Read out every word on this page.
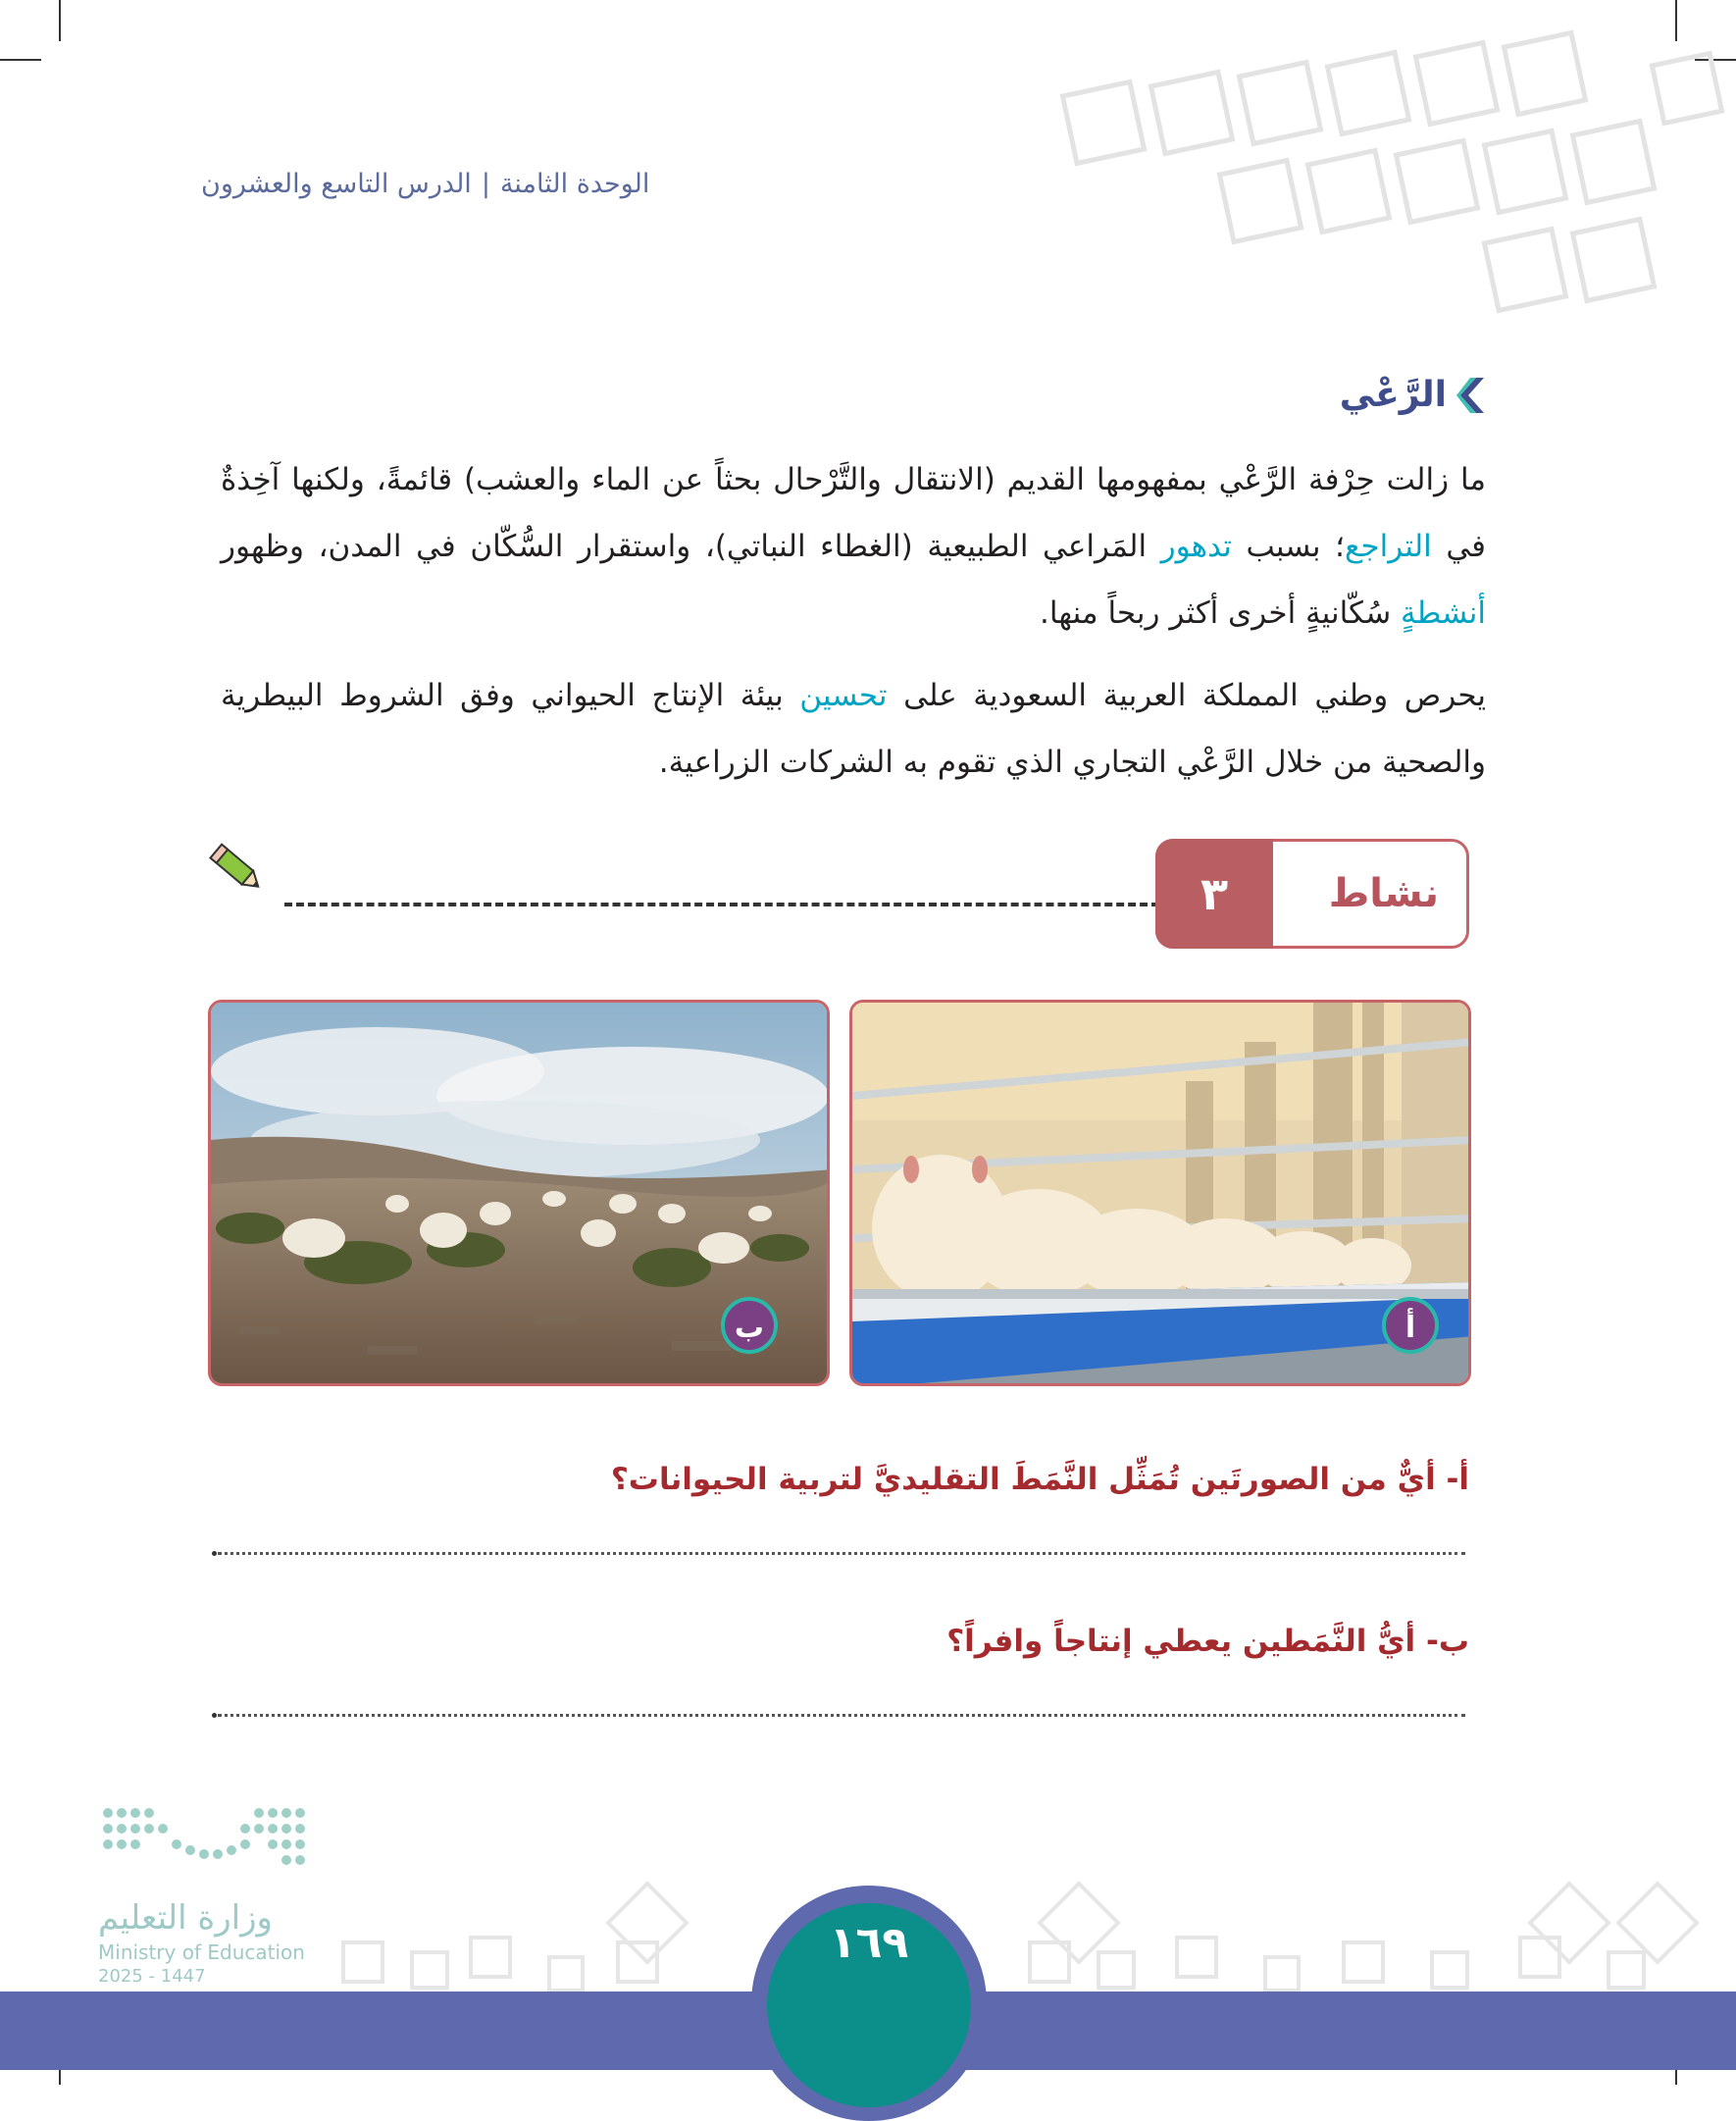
الوحدة الثامنة|الدرس التاسع والعشرون
الرَّعْي
ما زالت حِرْفة الرَّعْي بمفهومها القديم (الانتقال والتَّرْحال بحثاً عن الماء والعشب) قائمةً، ولكنها آخِذةٌ في التراجع؛ بسبب تدهور المَراعي الطبيعية (الغطاء النباتي)، واستقرار السُّكّان في المدن، وظهور أنشطةٍ سُكّانيةٍ أخرى أكثر ربحاً منها.
يحرص وطني المملكة العربية السعودية على تحسين بيئة الإنتاج الحيواني وفق الشروط البيطرية والصحية من خلال الرَّعْي التجاري الذي تقوم به الشركات الزراعية.
نشاط
٣
ب	أ
أ- أيٌّ من الصورتَين تُمَثِّل النَّمَطَ التقليديَّ لتربية الحيوانات؟
ب- أيُّ النَّمَطين يعطي إنتاجاً وافراً؟
وزارة التعليم
Ministry of Education
2025 - 1447
١٦٩
